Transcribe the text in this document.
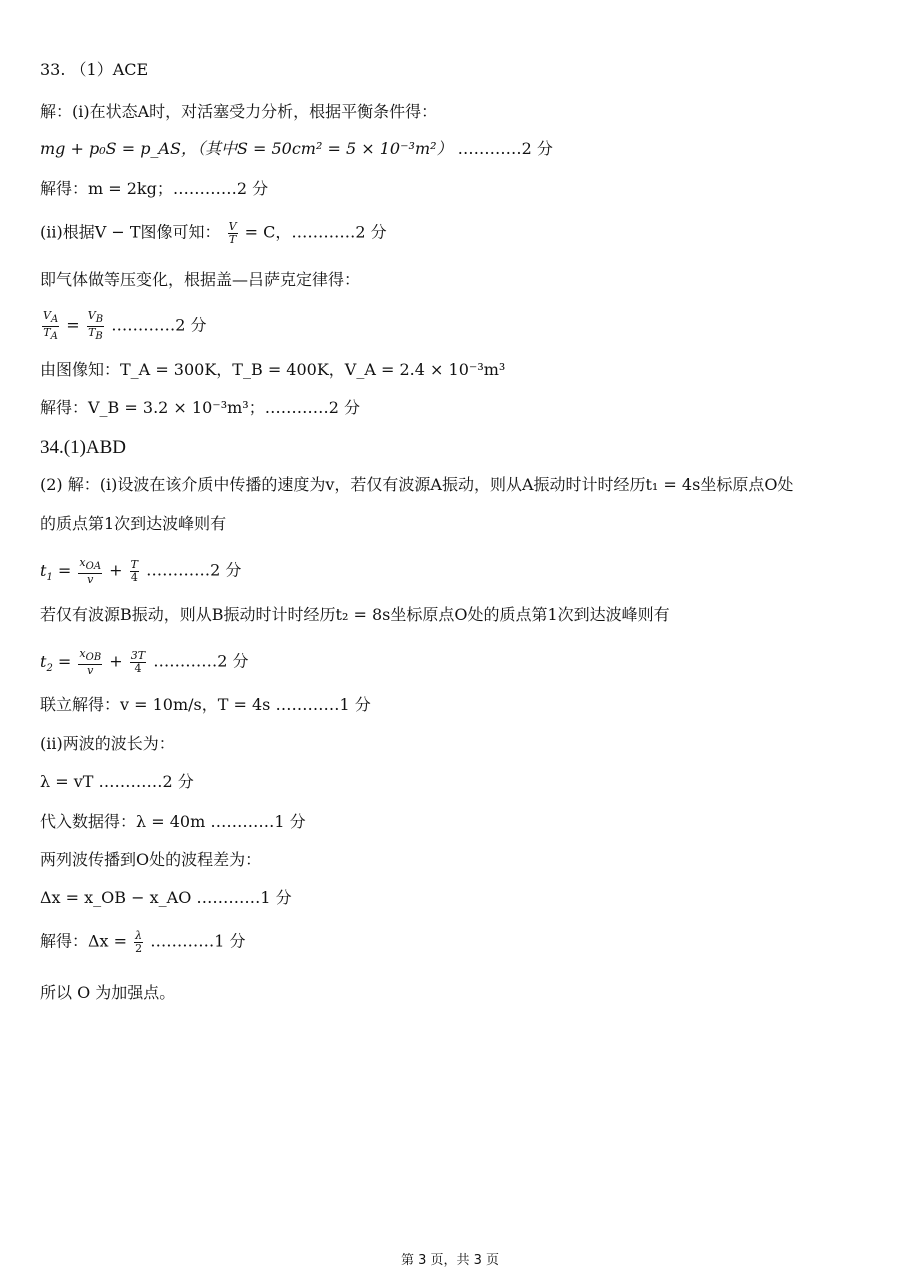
33. （1）ACE
解：(i)在状态A时，对活塞受力分析，根据平衡条件得：
mg + p₀S = p_AS，（其中S = 50cm² = 5 × 10⁻³m²） …………2 分
解得：m = 2kg；…………2 分
(ii)根据V − T图像可知： $\frac{V}{T} = C$，…………2 分
即气体做等压变化，根据盖—吕萨克定律得：
$\frac{V_A}{T_A} = \frac{V_B}{T_B}$ …………2 分
由图像知：T_A = 300K，T_B = 400K，V_A = 2.4 × 10⁻³m³
解得：V_B = 3.2 × 10⁻³m³；…………2 分
34.(1)ABD
(2) 解：(i)设波在该介质中传播的速度为v，若仅有波源A振动，则从A振动时计时经历t₁ = 4s坐标原点O处
的质点第1次到达波峰则有
$t_1 = \frac{x_{OA}}{v} + \frac{T}{4}$ …………2 分
若仅有波源B振动，则从B振动时计时经历t₂ = 8s坐标原点O处的质点第1次到达波峰则有
$t_2 = \frac{x_{OB}}{v} + \frac{3T}{4}$ …………2 分
联立解得：v = 10m/s，T = 4s …………1 分
(ii)两波的波长为：
λ = vT …………2 分
代入数据得：λ = 40m …………1 分
两列波传播到O处的波程差为：
Δx = x_OB − x_AO …………1 分
解得：$\Delta x = \frac{\lambda}{2}$ …………1 分
所以 O 为加强点。
第 3 页，共 3 页
